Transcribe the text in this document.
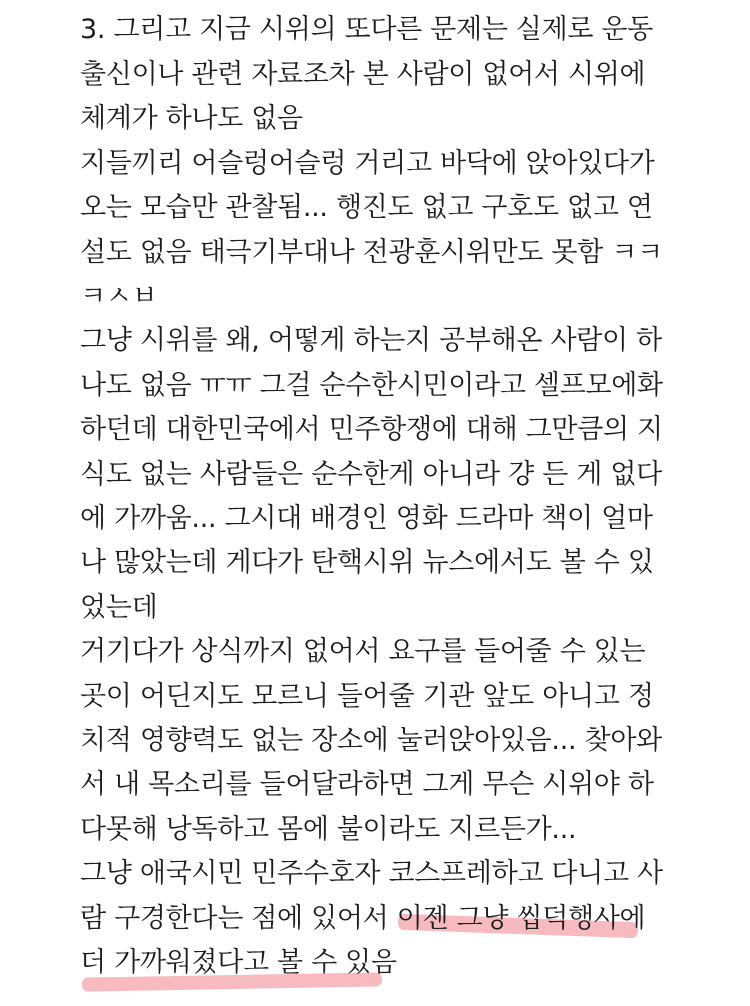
3. 그리고 지금 시위의 또다른 문제는 실제로 운동
출신이나 관련 자료조차 본 사람이 없어서 시위에
체계가 하나도 없음
지들끼리 어슬렁어슬렁 거리고 바닥에 앉아있다가
오는 모습만 관찰됨... 행진도 없고 구호도 없고 연
설도 없음 태극기부대나 전광훈시위만도 못함 ㅋㅋ
ㅋㅅㅂ
그냥 시위를 왜, 어떻게 하는지 공부해온 사람이 하
나도 없음 ㅠㅠ 그걸 순수한시민이라고 셀프모에화
하던데 대한민국에서 민주항쟁에 대해 그만큼의 지
식도 없는 사람들은 순수한게 아니라 걍 든 게 없다
에 가까움... 그시대 배경인 영화 드라마 책이 얼마
나 많았는데 게다가 탄핵시위 뉴스에서도 볼 수 있
었는데
거기다가 상식까지 없어서 요구를 들어줄 수 있는
곳이 어딘지도 모르니 들어줄 기관 앞도 아니고 정
치적 영향력도 없는 장소에 눌러앉아있음... 찾아와
서 내 목소리를 들어달라하면 그게 무슨 시위야 하
다못해 낭독하고 몸에 불이라도 지르든가...
그냥 애국시민 민주수호자 코스프레하고 다니고 사
람 구경한다는 점에 있어서 이젠 그냥 씹덕행사에
더 가까워졌다고 볼 수 있음
